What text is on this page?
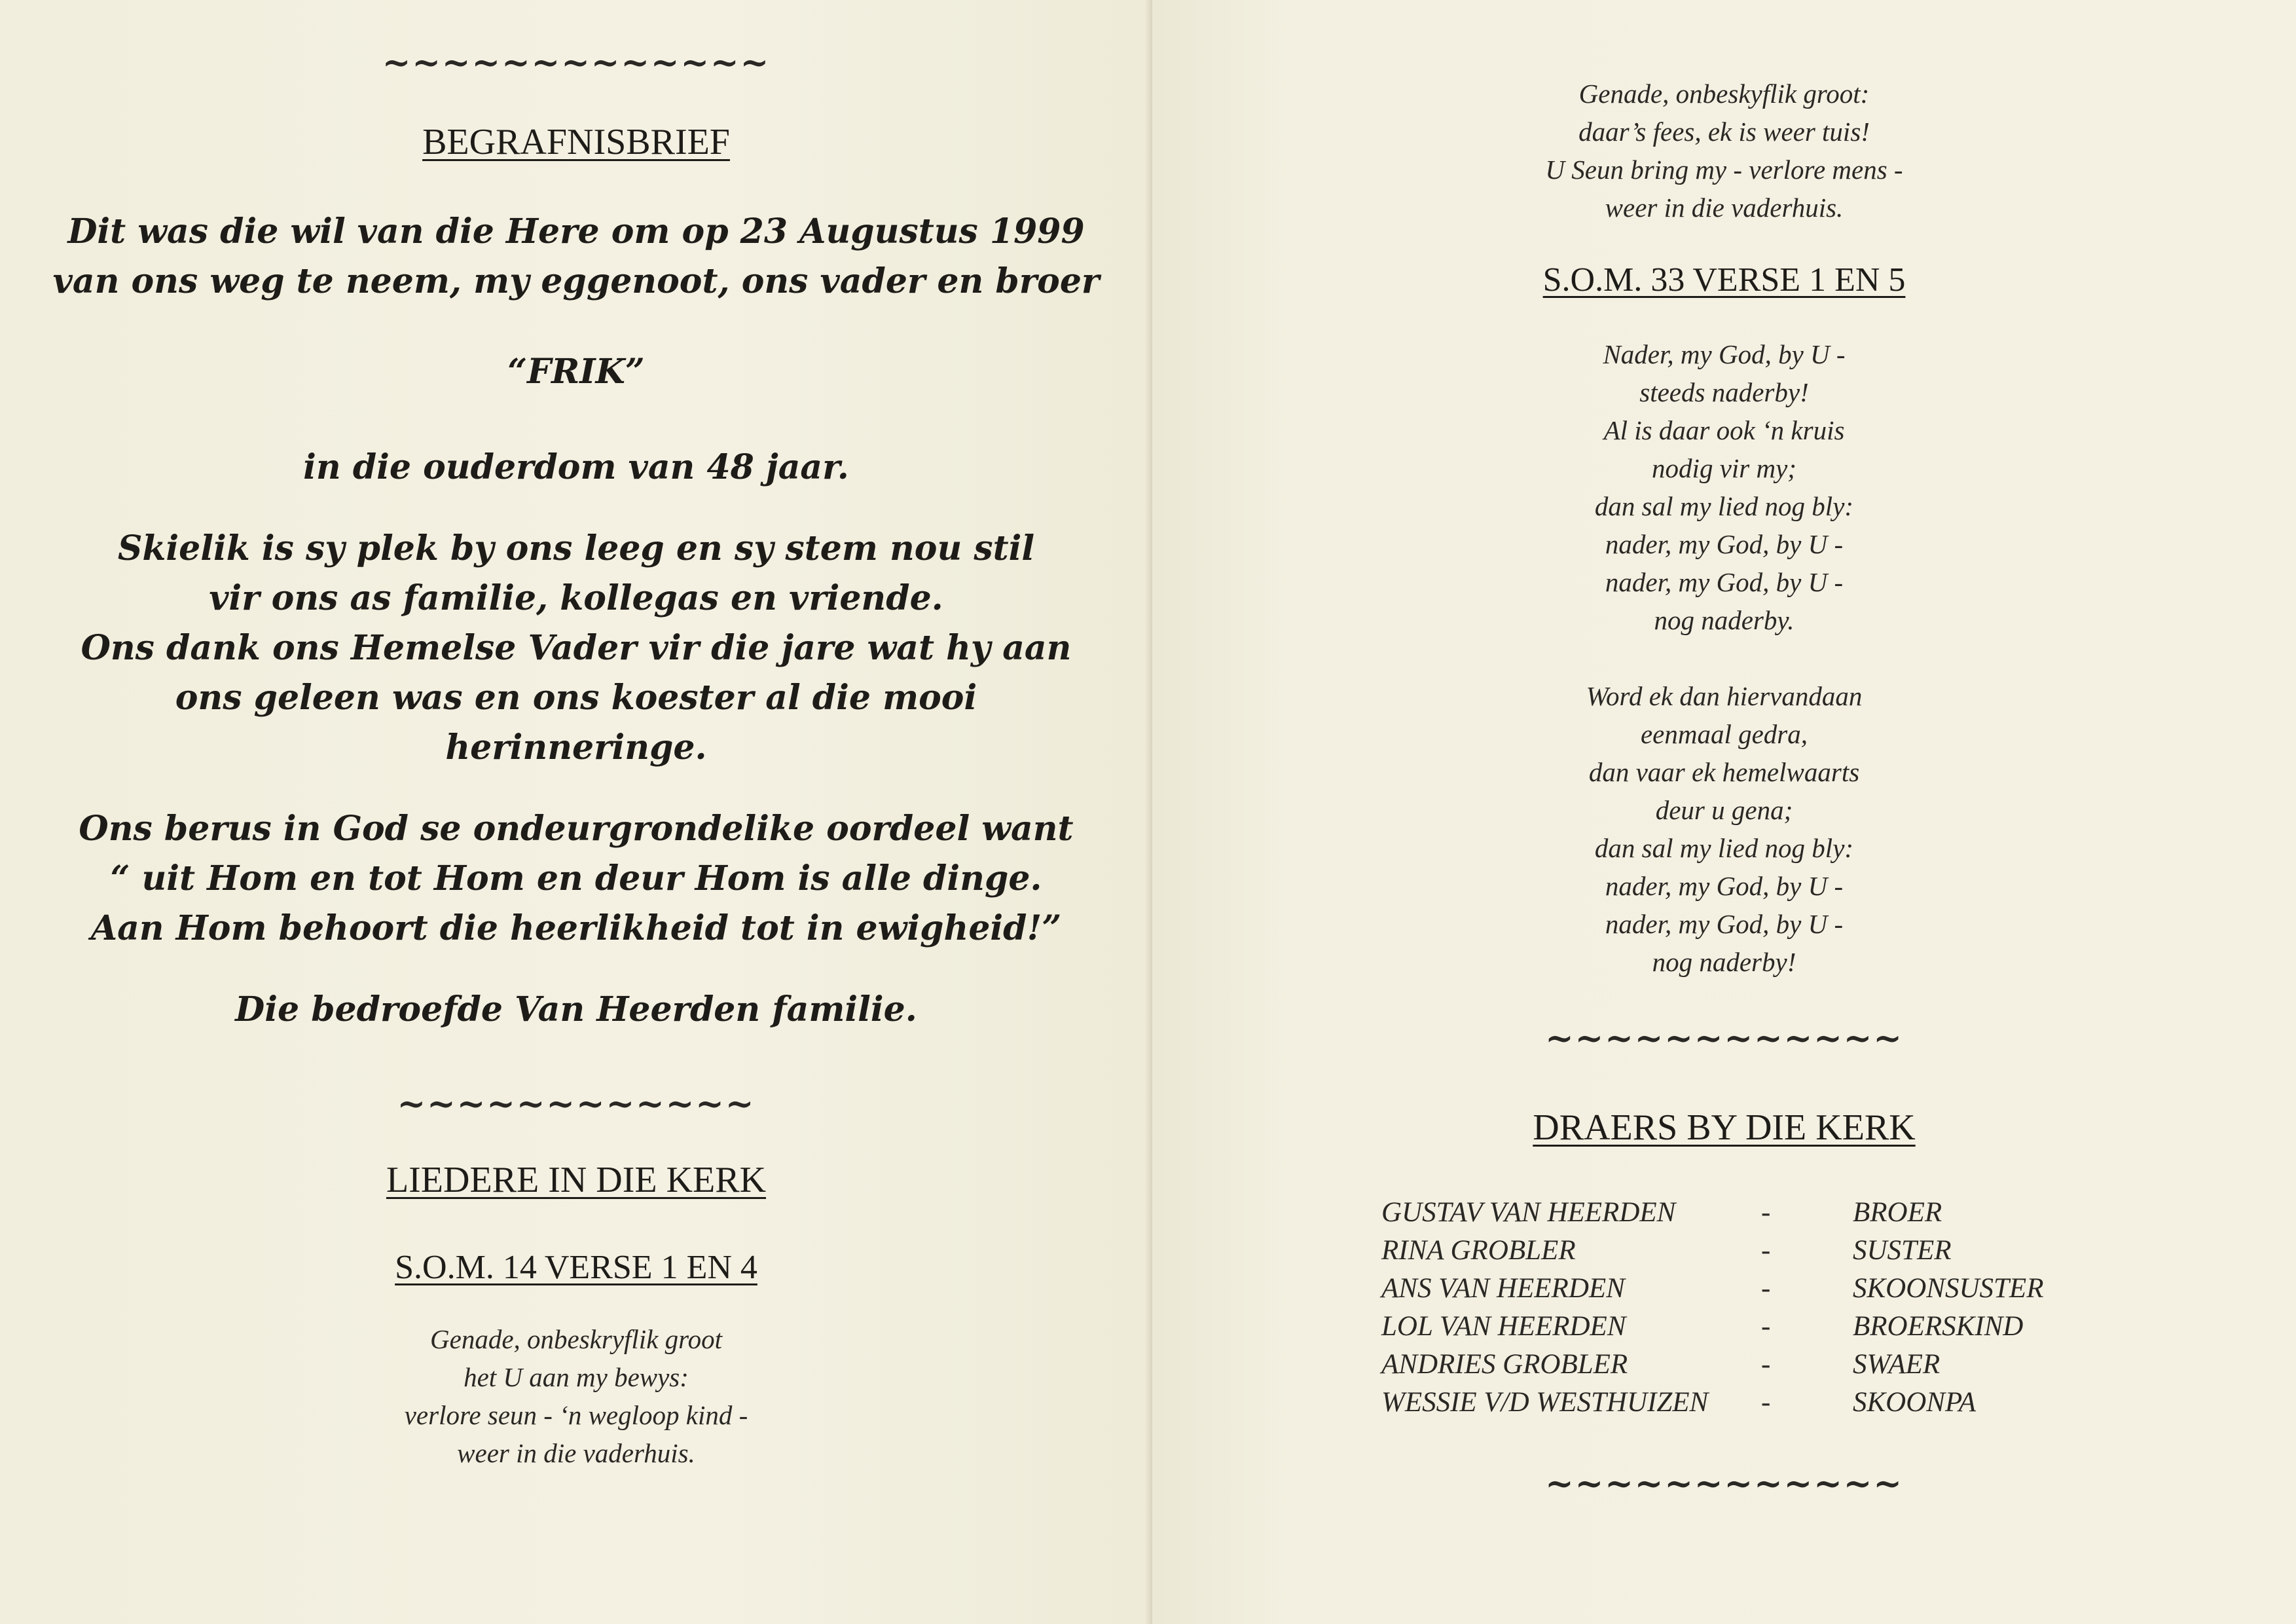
~~~~~~~~~~~~~
BEGRAFNISBRIEF
Dit was die wil van die Here om op 23 Augustus 1999
van ons weg te neem, my eggenoot, ons vader en broer
“FRIK”
in die ouderdom van 48 jaar.
Skielik is sy plek by ons leeg en sy stem nou stil
vir ons as familie, kollegas en vriende.
Ons dank ons Hemelse Vader vir die jare wat hy aan
ons geleen was en ons koester al die mooi
herinneringe.
Ons berus in God se ondeurgrondelike oordeel want
“ uit Hom en tot Hom en deur Hom is alle dinge.
Aan Hom behoort die heerlikheid tot in ewigheid!”
Die bedroefde Van Heerden familie.
~~~~~~~~~~~~
LIEDERE IN DIE KERK
S.O.M. 14 VERSE 1 EN 4
Genade, onbeskryflik groot
het U aan my bewys:
verlore seun - ‘n wegloop kind -
weer in die vaderhuis.
Genade, onbeskyflik groot:
daar’s fees, ek is weer tuis!
U Seun bring my - verlore mens -
weer in die vaderhuis.
S.O.M. 33 VERSE 1 EN 5
Nader, my God, by U -
steeds naderby!
Al is daar ook ‘n kruis
nodig vir my;
dan sal my lied nog bly:
nader, my God, by U -
nader, my God, by U -
nog naderby.
Word ek dan hiervandaan
eenmaal gedra,
dan vaar ek hemelwaarts
deur u gena;
dan sal my lied nog bly:
nader, my God, by U -
nader, my God, by U -
nog naderby!
~~~~~~~~~~~~
DRAERS BY DIE KERK
~~~~~~~~~~~~
GUSTAV VAN HEERDEN	-	BROER
RINA GROBLER	-	SUSTER
ANS VAN HEERDEN	-	SKOONSUSTER
LOL VAN HEERDEN	-	BROERSKIND
ANDRIES GROBLER	-	SWAER
WESSIE V/D WESTHUIZEN	-	SKOONPA
